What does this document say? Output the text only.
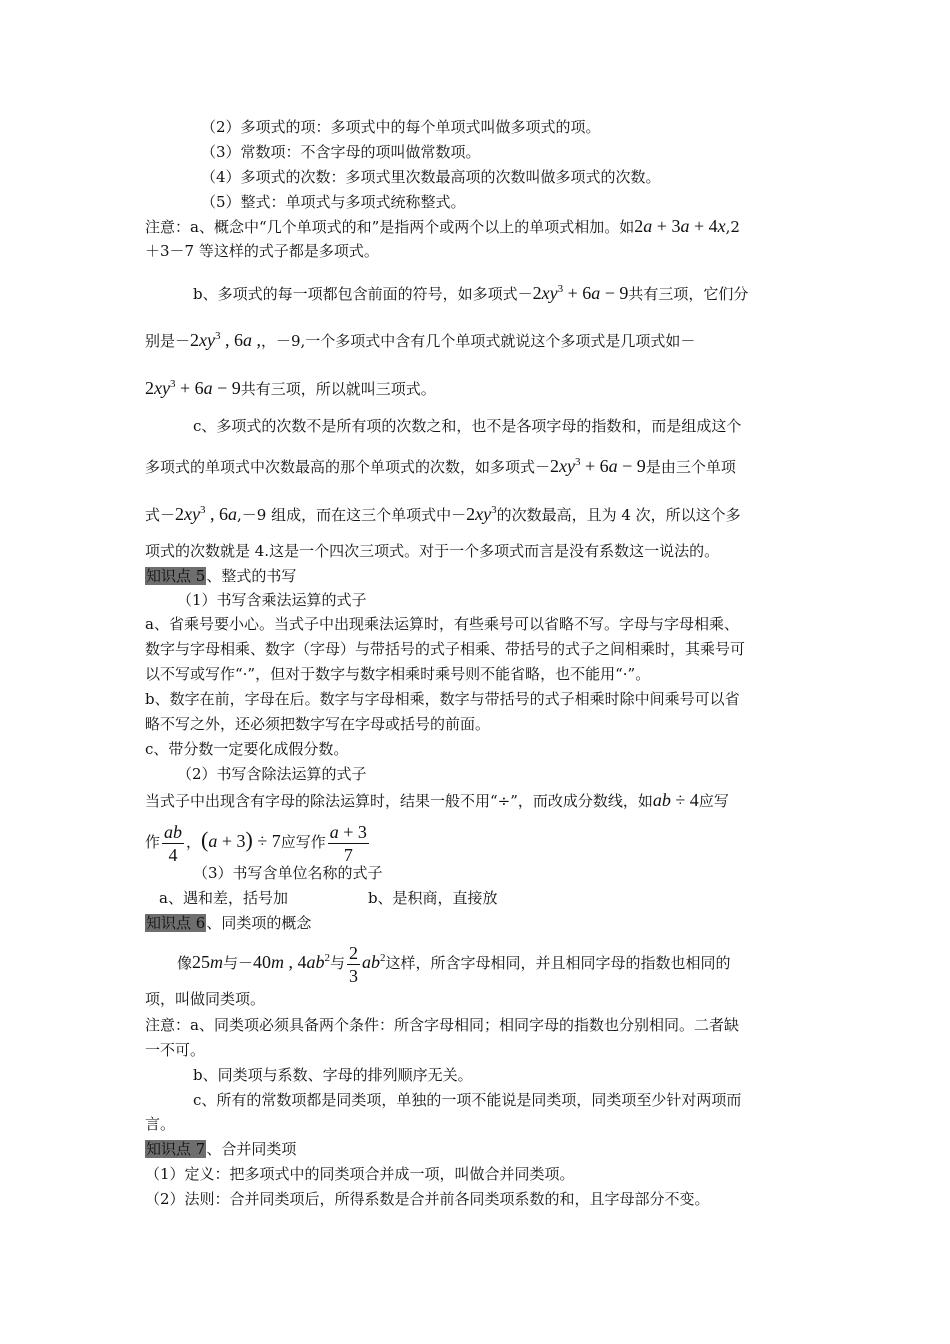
（2）多项式的项：多项式中的每个单项式叫做多项式的项。
（3）常数项：不含字母的项叫做常数项。
（4）多项式的次数：多项式里次数最高项的次数叫做多项式的次数。
（5）整式：单项式与多项式统称整式。
注意：a、概念中“几个单项式的和”是指两个或两个以上的单项式相加。如2a + 3a + 4x,2
＋3－7 等这样的式子都是多项式。
b、多项式的每一项都包含前面的符号，如多项式$-2xy^3 + 6a - 9$共有三项，它们分
别是$-2xy^3$ , 6a ,，－9,一个多项式中含有几个单项式就说这个多项式是几项式如－
$2xy^3 + 6a - 9$共有三项，所以就叫三项式。
c、多项式的次数不是所有项的次数之和，也不是各项字母的指数和，而是组成这个
多项式的单项式中次数最高的那个单项式的次数，如多项式$-2xy^3 + 6a - 9$是由三个单项
式$-2xy^3$ , 6a,－9 组成，而在这三个单项式中$-2xy^3$的次数最高，且为 4 次，所以这个多
项式的次数就是 4.这是一个四次三项式。对于一个多项式而言是没有系数这一说法的。
知识点 5、整式的书写
（1）书写含乘法运算的式子
a、省乘号要小心。当式子中出现乘法运算时，有些乘号可以省略不写。字母与字母相乘、
数字与字母相乘、数字（字母）与带括号的式子相乘、带括号的式子之间相乘时，其乘号可
以不写或写作“·”，但对于数字与数字相乘时乘号则不能省略，也不能用“·”。
b、数字在前，字母在后。数字与字母相乘，数字与带括号的式子相乘时除中间乘号可以省
略不写之外，还必须把数字写在字母或括号的前面。
c、带分数一定要化成假分数。
（2）书写含除法运算的式子
当式子中出现含有字母的除法运算时，结果一般不用“÷”，而改成分数线，如ab ÷ 4应写
作 $\frac{ab}{4}$ ，(a + 3) ÷ 7应写作 $\frac{a + 3}{7}$
（3）书写含单位名称的式子
a、遇和差，括号加	b、是积商，直接放
知识点 6、同类项的概念
像25m与－40m , $4ab^2$与 $\frac{2}{3} ab^2$这样，所含字母相同，并且相同字母的指数也相同的
项，叫做同类项。
注意：a、同类项必须具备两个条件：所含字母相同；相同字母的指数也分别相同。二者缺
一不可。
b、同类项与系数、字母的排列顺序无关。
c、所有的常数项都是同类项，单独的一项不能说是同类项，同类项至少针对两项而
言。
知识点 7、合并同类项
（1）定义：把多项式中的同类项合并成一项，叫做合并同类项。
（2）法则：合并同类项后，所得系数是合并前各同类项系数的和，且字母部分不变。
